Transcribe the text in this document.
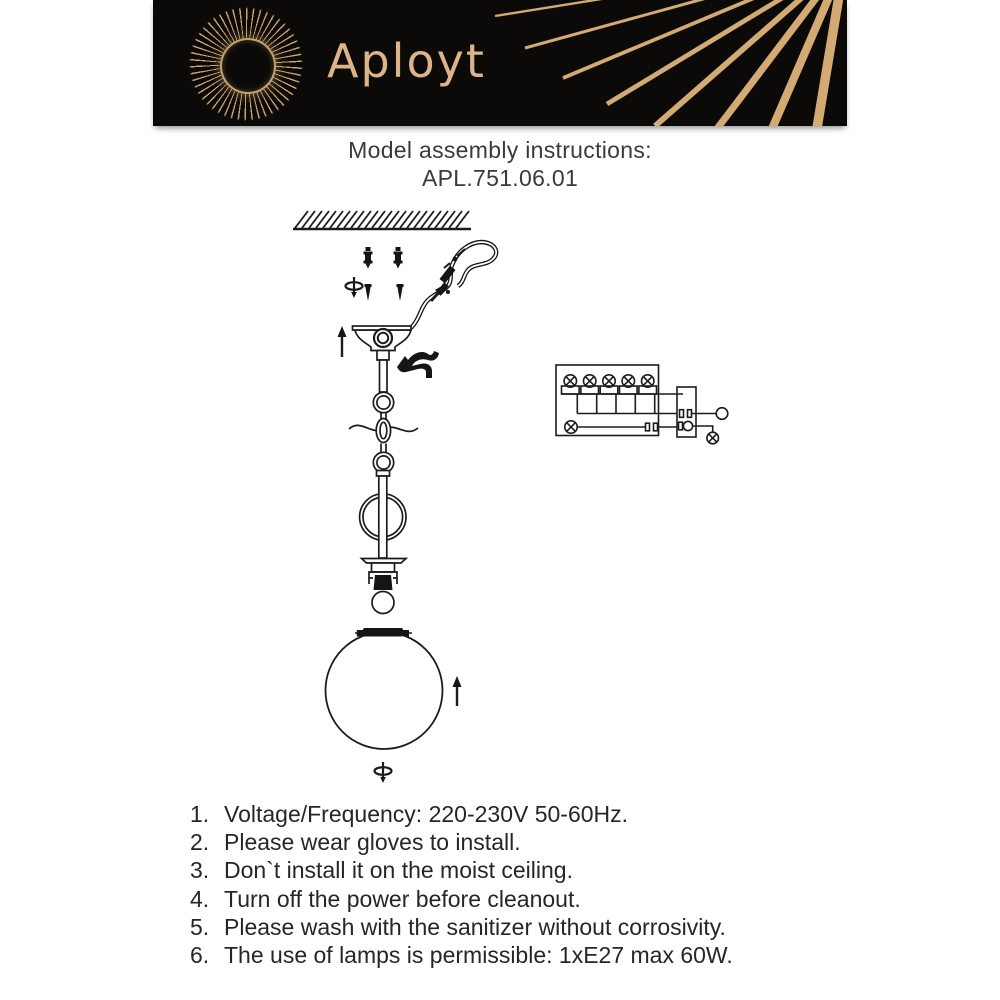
Aployt
Model assembly instructions:
APL.751.06.01
1. Voltage/Frequency: 220-230V 50-60Hz.
2. Please wear gloves to install.
3. Don`t install it on the moist ceiling.
4. Turn off the power before cleanout.
5. Please wash with the sanitizer without corrosivity.
6. The use of lamps is permissible: 1xE27 max 60W.
